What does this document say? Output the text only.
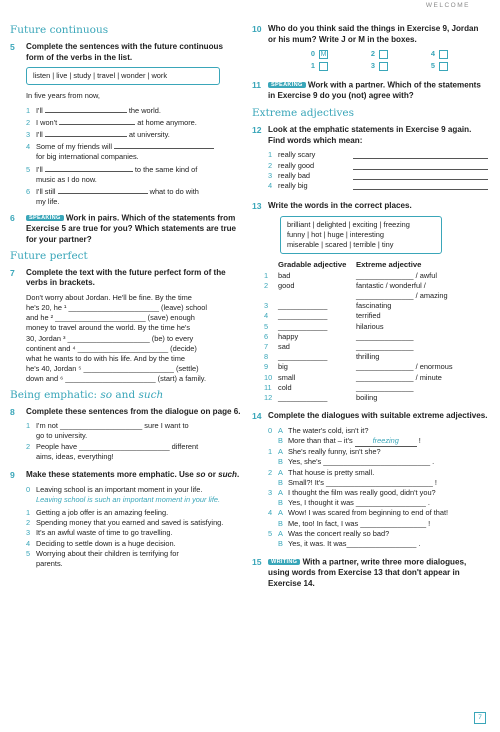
WELCOME
Future continuous
5	Complete the sentences with the future continuous form of the verbs in the list.
listen | live | study | travel | wonder | work
In five years from now,
1 I'll	the world.
2 I won't	at home anymore.
3 I'll	at university.
4 Some of my friends will
for big international companies.
5 I'll	to the same kind of
music as I do now.
6 I'll still	what to do with
my life.
6	SPEAKING Work in pairs. Which of the statements from Exercise 5 are true for you? Which statements are true for your partner?
Future perfect
7	Complete the text with the future perfect form of the verbs in brackets.
Don't worry about Jordan. He'll be fine. By the time
he's 20, he ¹ ______________________ (leave) school
and he ² ______________________ (save) enough
money to travel around the world. By the time he's
30, Jordan ³ ____________________ (be) to every
continent and ⁴ ______________________ (decide)
what he wants to do with his life. And by the time
he's 40, Jordan ⁵ ______________________ (settle)
down and ⁶ ______________________ (start) a family.
Being emphatic: so and such
8	Complete these sentences from the dialogue on page 6.
1 I'm not ____________________ sure I want to
go to university.
2 People have ______________________ different
aims, ideas, everything!
9	Make these statements more emphatic. Use so or such.
0 Leaving school is an important moment in your life.
Leaving school is such an important moment in your life.
1 Getting a job offer is an amazing feeling.
2 Spending money that you earned and saved is satisfying.
3 It's an awful waste of time to go travelling.
4 Deciding to settle down is a huge decision.
5 Worrying about their children is terrifying for
parents.
10 Who do you think said the things in Exercise 9, Jordan or his mum? Write J or M in the boxes.
0 M	2	4
1	3	5
11	SPEAKING Work with a partner. Which of the statements in Exercise 9 do you (not) agree with?
Extreme adjectives
12 Look at the emphatic statements in Exercise 9 again. Find words which mean:
1 really scary
2 really good
3 really bad
4 really big
13 Write the words in the correct places.
brilliant | delighted | exciting | freezing
funny | hot | huge | interesting
miserable | scared | terrible | tiny
Gradable adjective	Extreme adjective
1	bad	______________ / awful
2	good	fantastic / wonderful /
______________ / amazing
3	____________	fascinating
4	____________	terrified
5	____________	hilarious
6	happy	______________
7	sad	______________
8	____________	thrilling
9	big	______________ / enormous
10 small	______________ / minute
11 cold	______________
12 ____________	boiling
14 Complete the dialogues with suitable extreme adjectives.
0 A The water's cold, isn't it?
B More than that – it's freezing !
1 A She's really funny, isn't she?
B Yes, she's __________________________ .
2 A That house is pretty small.
B Small?! It's __________________________ !
3 A I thought the film was really good, didn't you?
B Yes, I thought it was _________________ .
4 A Wow! I was scared from beginning to end of that!
B Me, too! In fact, I was ________________ !
5 A Was the concert really so bad?
B Yes, it was. It was_________________ .
15	WRITING With a partner, write three more dialogues, using words from Exercise 13 that don't appear in Exercise 14.
7
